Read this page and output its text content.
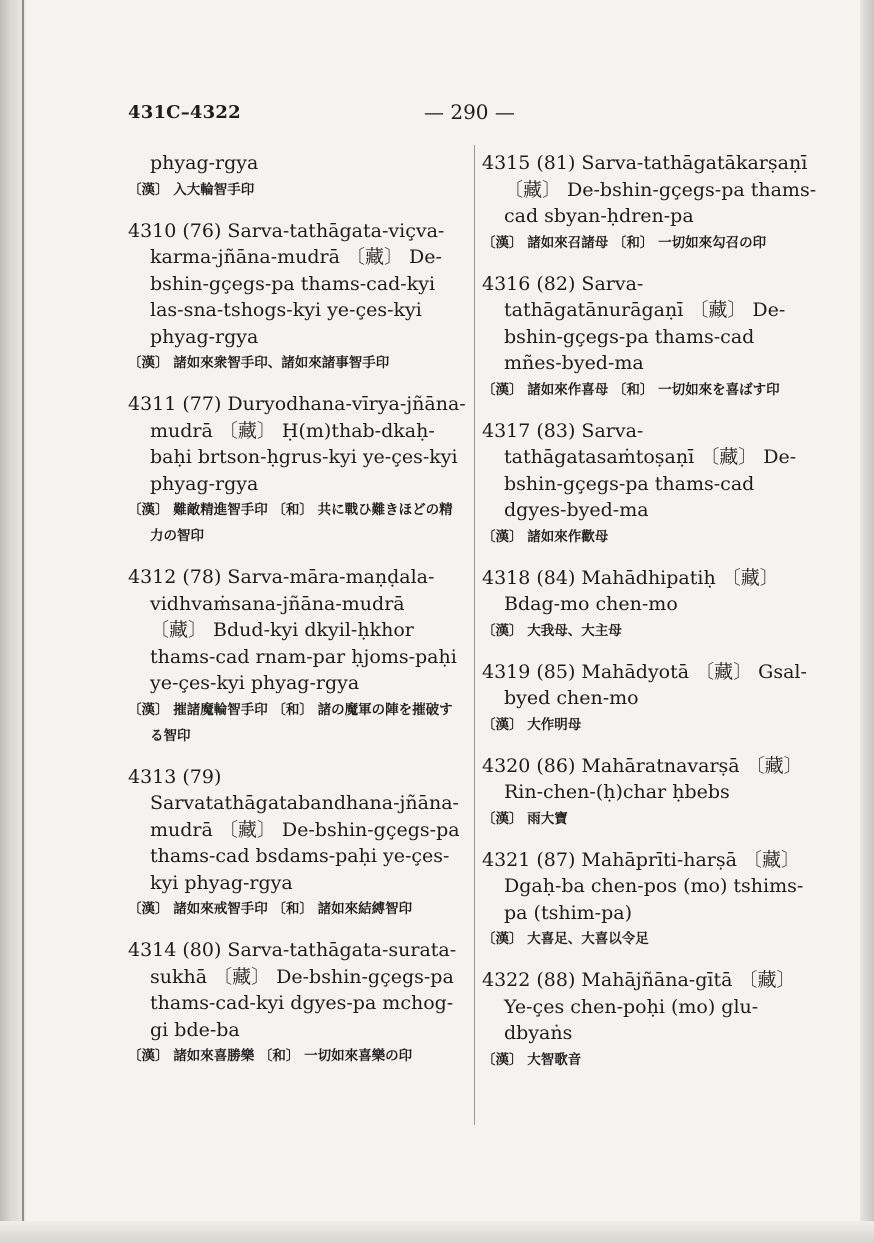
431C–4322	— 290 —
phyag-rgya
〔漢〕 入大輪智手印
4310 (76) Sarva-tathāgata-viçva-karma-jñāna-mudrā 〔藏〕 De-bshin-gçegs-pa thams-cad-kyi las-sna-tshogs-kyi ye-çes-kyi phyag-rgya
〔漢〕 諸如來衆智手印、諸如來諸事智手印
4311 (77) Duryodhana-vīrya-jñāna-mudrā 〔藏〕 Ḥ(m)thab-dkaḥ-baḥi brtson-ḥgrus-kyi ye-çes-kyi phyag-rgya
〔漢〕 難敵精進智手印 〔和〕 共に戰ひ難きほどの精力の智印
4312 (78) Sarva-māra-maṇḍala-vidhvaṁsana-jñāna-mudrā 〔藏〕 Bdud-kyi dkyil-ḥkhor thams-cad rnam-par ḥjoms-paḥi ye-çes-kyi phyag-rgya
〔漢〕 摧諸魔輪智手印 〔和〕 諸の魔軍の陣を摧破する智印
4313 (79) Sarvatathāgatabandhana-jñāna-mudrā 〔藏〕 De-bshin-gçegs-pa thams-cad bsdams-paḥi ye-çes-kyi phyag-rgya
〔漢〕 諸如來戒智手印 〔和〕 諸如來結縛智印
4314 (80) Sarva-tathāgata-surata-sukhā 〔藏〕 De-bshin-gçegs-pa thams-cad-kyi dgyes-pa mchog-gi bde-ba
〔漢〕 諸如來喜勝樂 〔和〕 一切如來喜樂の印
4315 (81) Sarva-tathāgatākarṣaṇī 〔藏〕 De-bshin-gçegs-pa thams-cad sbyan-ḥdren-pa
〔漢〕 諸如來召諸母 〔和〕 一切如來勾召の印
4316 (82) Sarva-tathāgatānurāgaṇī 〔藏〕 De-bshin-gçegs-pa thams-cad mñes-byed-ma
〔漢〕 諸如來作喜母 〔和〕 一切如來を喜ばす印
4317 (83) Sarva-tathāgatasaṁtoṣaṇī 〔藏〕 De-bshin-gçegs-pa thams-cad dgyes-byed-ma
〔漢〕 諸如來作歡母
4318 (84) Mahādhipatiḥ 〔藏〕 Bdag-mo chen-mo
〔漢〕 大我母、大主母
4319 (85) Mahādyotā 〔藏〕 Gsal-byed chen-mo
〔漢〕 大作明母
4320 (86) Mahāratnavarṣā 〔藏〕 Rin-chen-(ḥ)char ḥbebs
〔漢〕 雨大寶
4321 (87) Mahāprīti-harṣā 〔藏〕 Dgaḥ-ba chen-pos (mo) tshims-pa (tshim-pa)
〔漢〕 大喜足、大喜以令足
4322 (88) Mahājñāna-gītā 〔藏〕 Ye-çes chen-poḥi (mo) glu-dbyaṅs
〔漢〕 大智歌音
